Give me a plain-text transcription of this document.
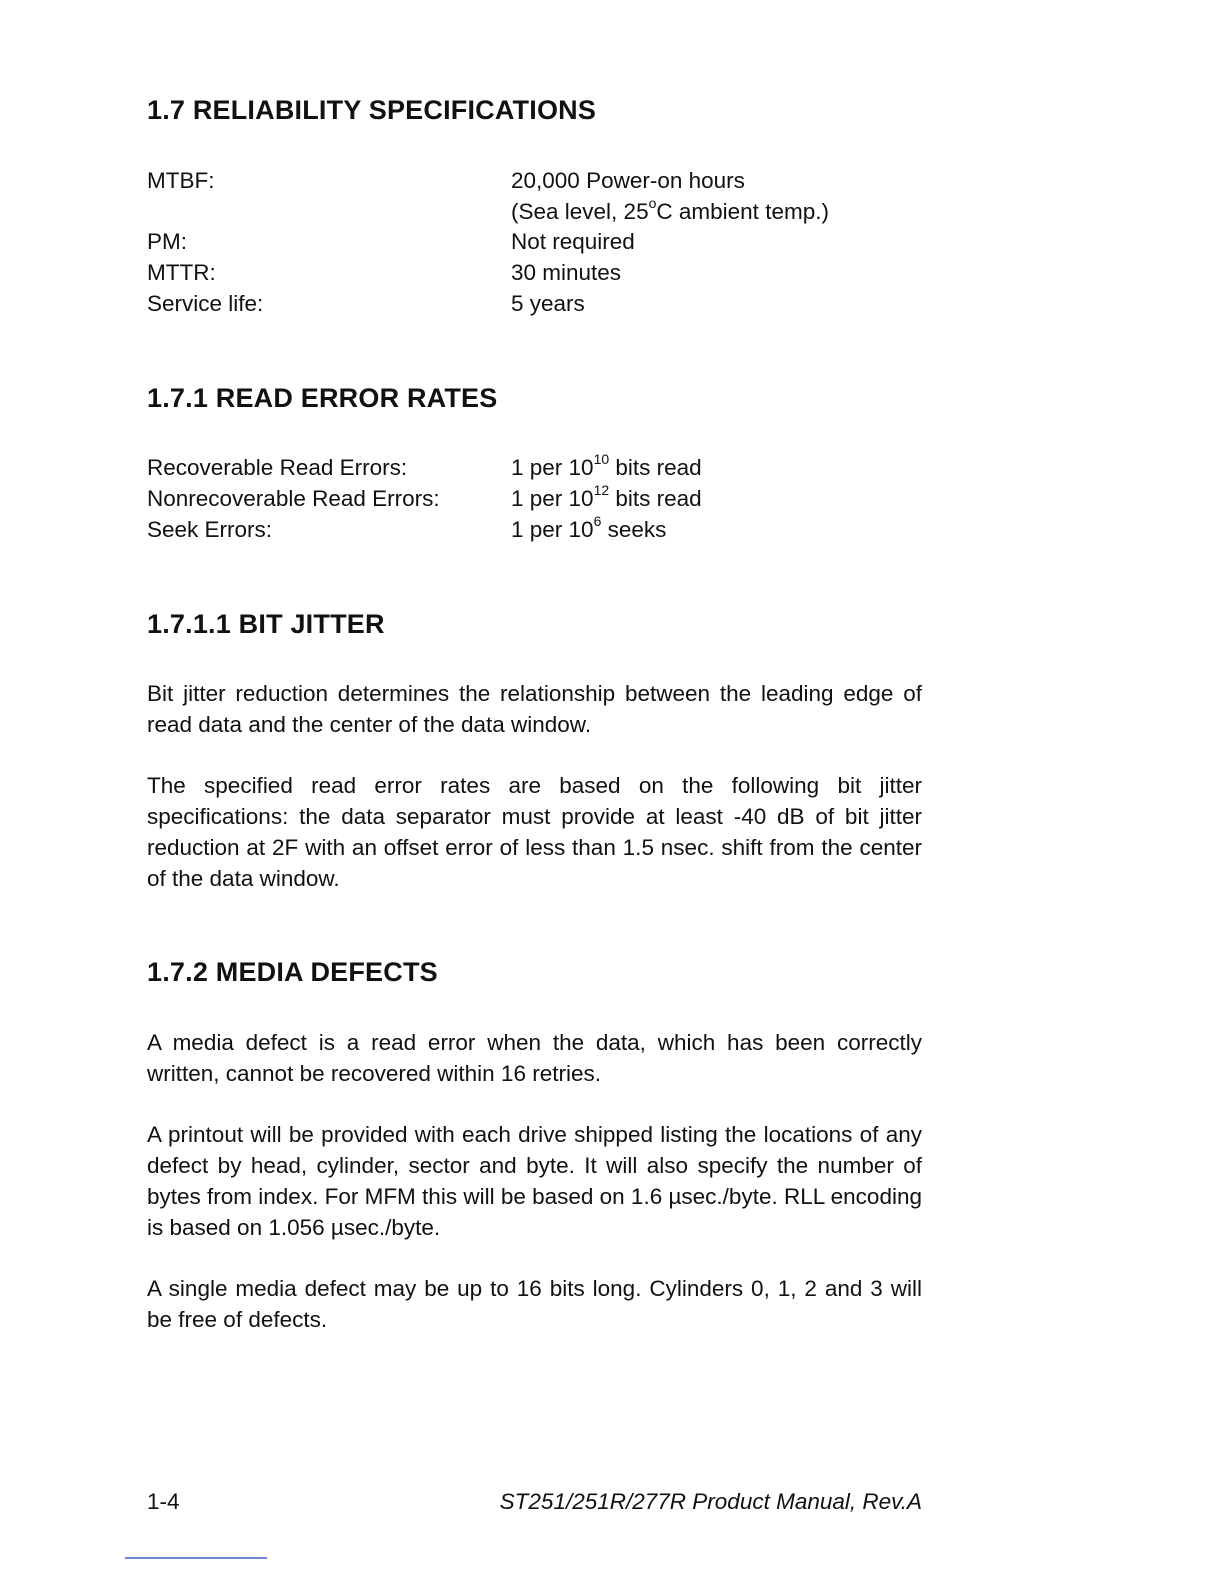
1.7 RELIABILITY SPECIFICATIONS
MTBF:	20,000 Power-on hours
(Sea level, 25$^o$C ambient temp.)
PM:	Not required
MTTR:	30 minutes
Service life:	5 years
1.7.1 READ ERROR RATES
Recoverable Read Errors:	1 per $10^{10}$ bits read
Nonrecoverable Read Errors:	1 per $10^{12}$ bits read
Seek Errors:	1 per $10^6$ seeks
1.7.1.1 BIT JITTER

Bit jitter reduction determines the relationship between the leading edge of read data and the center of the data window.

The specified read error rates are based on the following bit jitter specifications: the data separator must provide at least -40 dB of bit jitter reduction at 2F with an offset error of less than 1.5 nsec. shift from the center of the data window.

1.7.2 MEDIA DEFECTS

A media defect is a read error when the data, which has been correctly written, cannot be recovered within 16 retries.

A printout will be provided with each drive shipped listing the locations of any defect by head, cylinder, sector and byte. It will also specify the number of bytes from index. For MFM this will be based on 1.6 µsec./byte. RLL encoding is based on 1.056 µsec./byte.

A single media defect may be up to 16 bits long. Cylinders 0, 1, 2 and 3 will be free of defects.

1-4	ST251/251R/277R Product Manual, Rev.A
